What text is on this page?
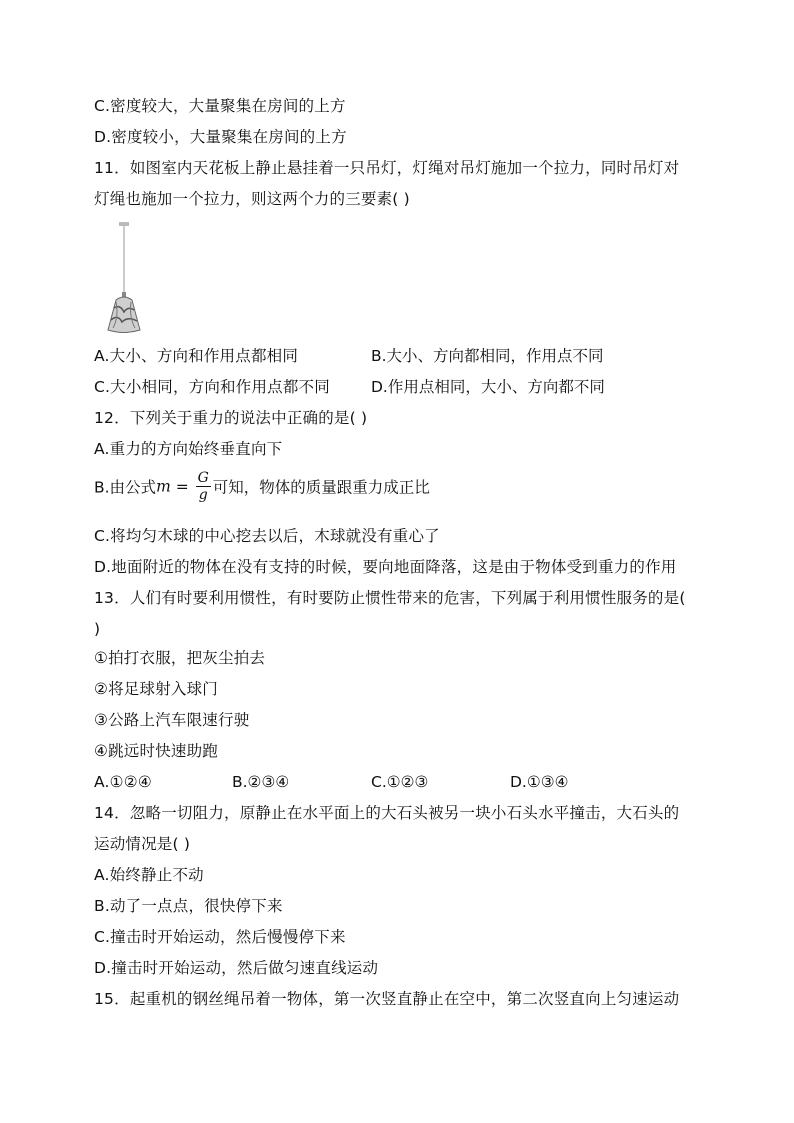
C.密度较大，大量聚集在房间的上方
D.密度较小，大量聚集在房间的上方
11．如图室内天花板上静止悬挂着一只吊灯，灯绳对吊灯施加一个拉力，同时吊灯对
灯绳也施加一个拉力，则这两个力的三要素( )
A.大小、方向和作用点都相同	B.大小、方向都相同，作用点不同
C.大小相同，方向和作用点都不同	D.作用点相同，大小、方向都不同
12．下列关于重力的说法中正确的是( )
A.重力的方向始终垂直向下
B.由公式$m = \frac{G}{g}$ 可知，物体的质量跟重力成正比
C.将均匀木球的中心挖去以后，木球就没有重心了
D.地面附近的物体在没有支持的时候，要向地面降落，这是由于物体受到重力的作用
13．人们有时要利用惯性，有时要防止惯性带来的危害，下列属于利用惯性服务的是(
)
①拍打衣服，把灰尘拍去
②将足球射入球门
③公路上汽车限速行驶
④跳远时快速助跑
A.①②④	B.②③④	C.①②③	D.①③④
14．忽略一切阻力，原静止在水平面上的大石头被另一块小石头水平撞击，大石头的
运动情况是( )
A.始终静止不动
B.动了一点点，很快停下来
C.撞击时开始运动，然后慢慢停下来
D.撞击时开始运动，然后做匀速直线运动
15．起重机的钢丝绳吊着一物体，第一次竖直静止在空中，第二次竖直向上匀速运动
